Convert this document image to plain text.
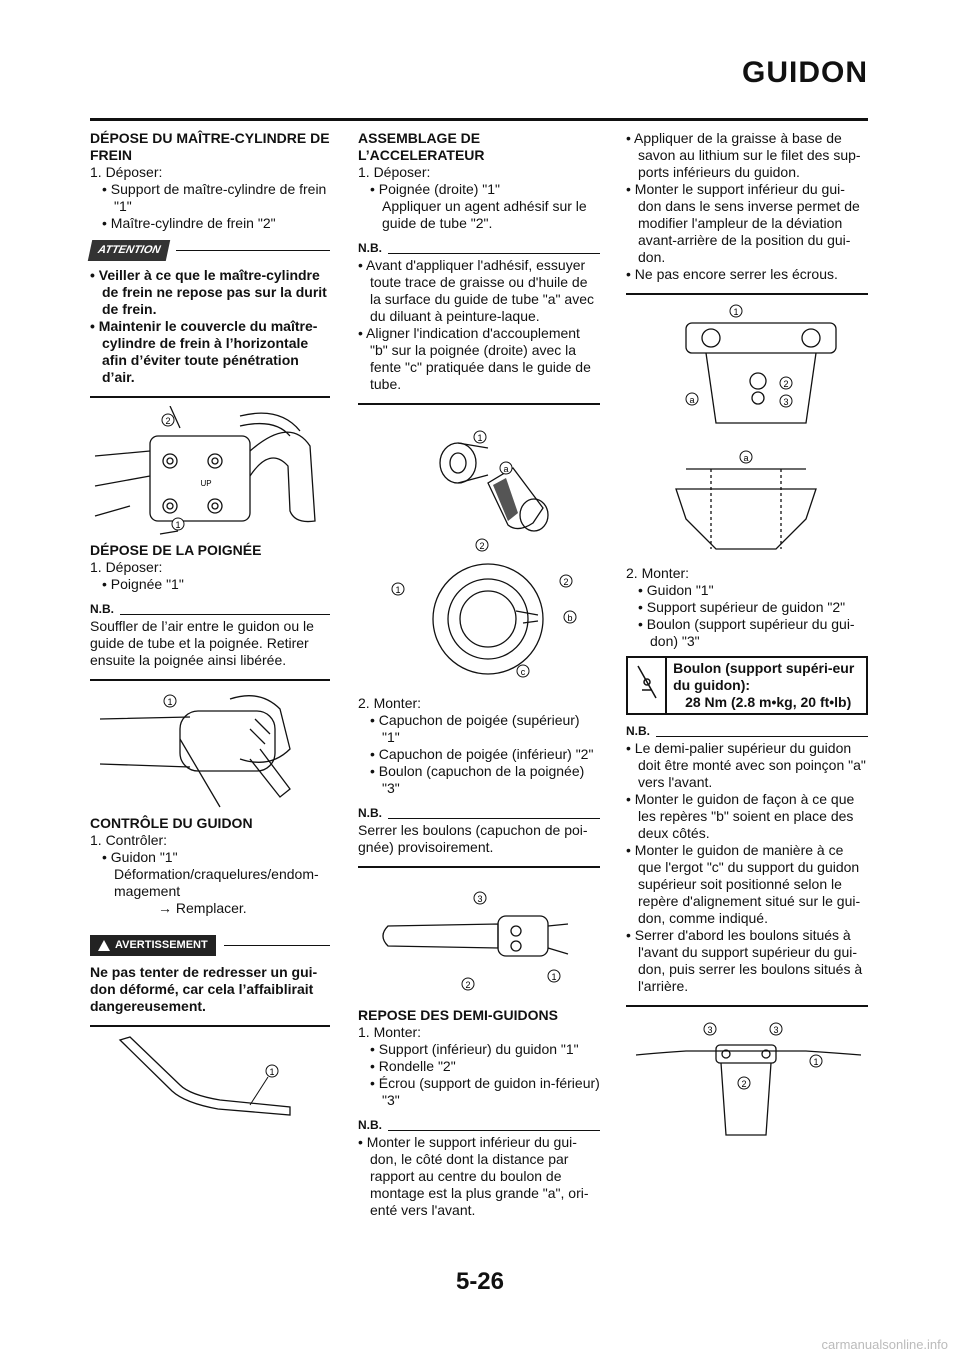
GUIDON

DÉPOSE DU MAÎTRE-CYLINDRE DE FREIN

1. Déposer:

• Support de maître-cylindre de frein "1"

• Maître-cylindre de frein "2"

ATTENTION

• Veiller à ce que le maître-cylindre de frein ne repose pas sur la durit de frein.

• Maintenir le couvercle du maître-cylindre de frein à l’horizontale afin d’éviter toute pénétration d’air.

2
1
UP

DÉPOSE DE LA POIGNÉE

1. Déposer:

• Poignée "1"

N.B.

Souffler de l’air entre le guidon ou le guide de tube et la poignée. Retirer ensuite la poignée ainsi libérée.

1

CONTRÔLE DU GUIDON

1. Contrôler:

• Guidon "1"

Déformation/craquelures/endom-magement

→ Remplacer.

AVERTISSEMENT

Ne pas tenter de redresser un gui-don déformé, car cela l’affaiblirait dangereusement.

1

ASSEMBLAGE DE L’ACCELERATEUR

1. Déposer:

• Poignée (droite) "1"

Appliquer un agent adhésif sur le guide de tube "2".

N.B.

• Avant d'appliquer l'adhésif, essuyer toute trace de graisse ou d'huile de la surface du guide de tube "a" avec du diluant à peinture-laque.

• Aligner l'indication d'accouplement "b" sur la poignée (droite) avec la fente "c" pratiquée dans le guide de tube.

1
a
2
1
2
b
c

2. Monter:

• Capuchon de poigée (supérieur) "1"

• Capuchon de poigée (inférieur) "2"

• Boulon (capuchon de la poignée) "3"

N.B.

Serrer les boulons (capuchon de poi-gnée) provisoirement.

3
2
1

REPOSE DES DEMI-GUIDONS

1. Monter:

• Support (inférieur) du guidon "1"

• Rondelle "2"

• Écrou (support de guidon in-férieur) "3"

N.B.

• Monter le support inférieur du gui-don, le côté dont la distance par rapport au centre du boulon de montage est la plus grande "a", ori-enté vers l'avant.

• Appliquer de la graisse à base de savon au lithium sur le filet des sup-ports inférieurs du guidon.

• Monter le support inférieur du gui-don dans le sens inverse permet de modifier l'ampleur de la déviation avant-arrière de la position du gui-don.

• Ne pas encore serrer les écrous.

1
2
3
a
a

2. Monter:

• Guidon "1"

• Support supérieur de guidon "2"

• Boulon (support supérieur du gui-don) "3"

Boulon (support supéri-eur du guidon):
28 Nm (2.8 m•kg, 20 ft•lb)
N.B.

• Le demi-palier supérieur du guidon doit être monté avec son poinçon "a" vers l'avant.

• Monter le guidon de façon à ce que les repères "b" soient en place des deux côtés.

• Monter le guidon de manière à ce que l'ergot "c" du support du guidon supérieur soit positionné selon le repère d'alignement situé sur le gui-don, comme indiqué.

• Serrer d'abord les boulons situés à l'avant du support supérieur du gui-don, puis serrer les boulons situés à l'arrière.

3	3
1
2
5-26
carmanualsonline.info
